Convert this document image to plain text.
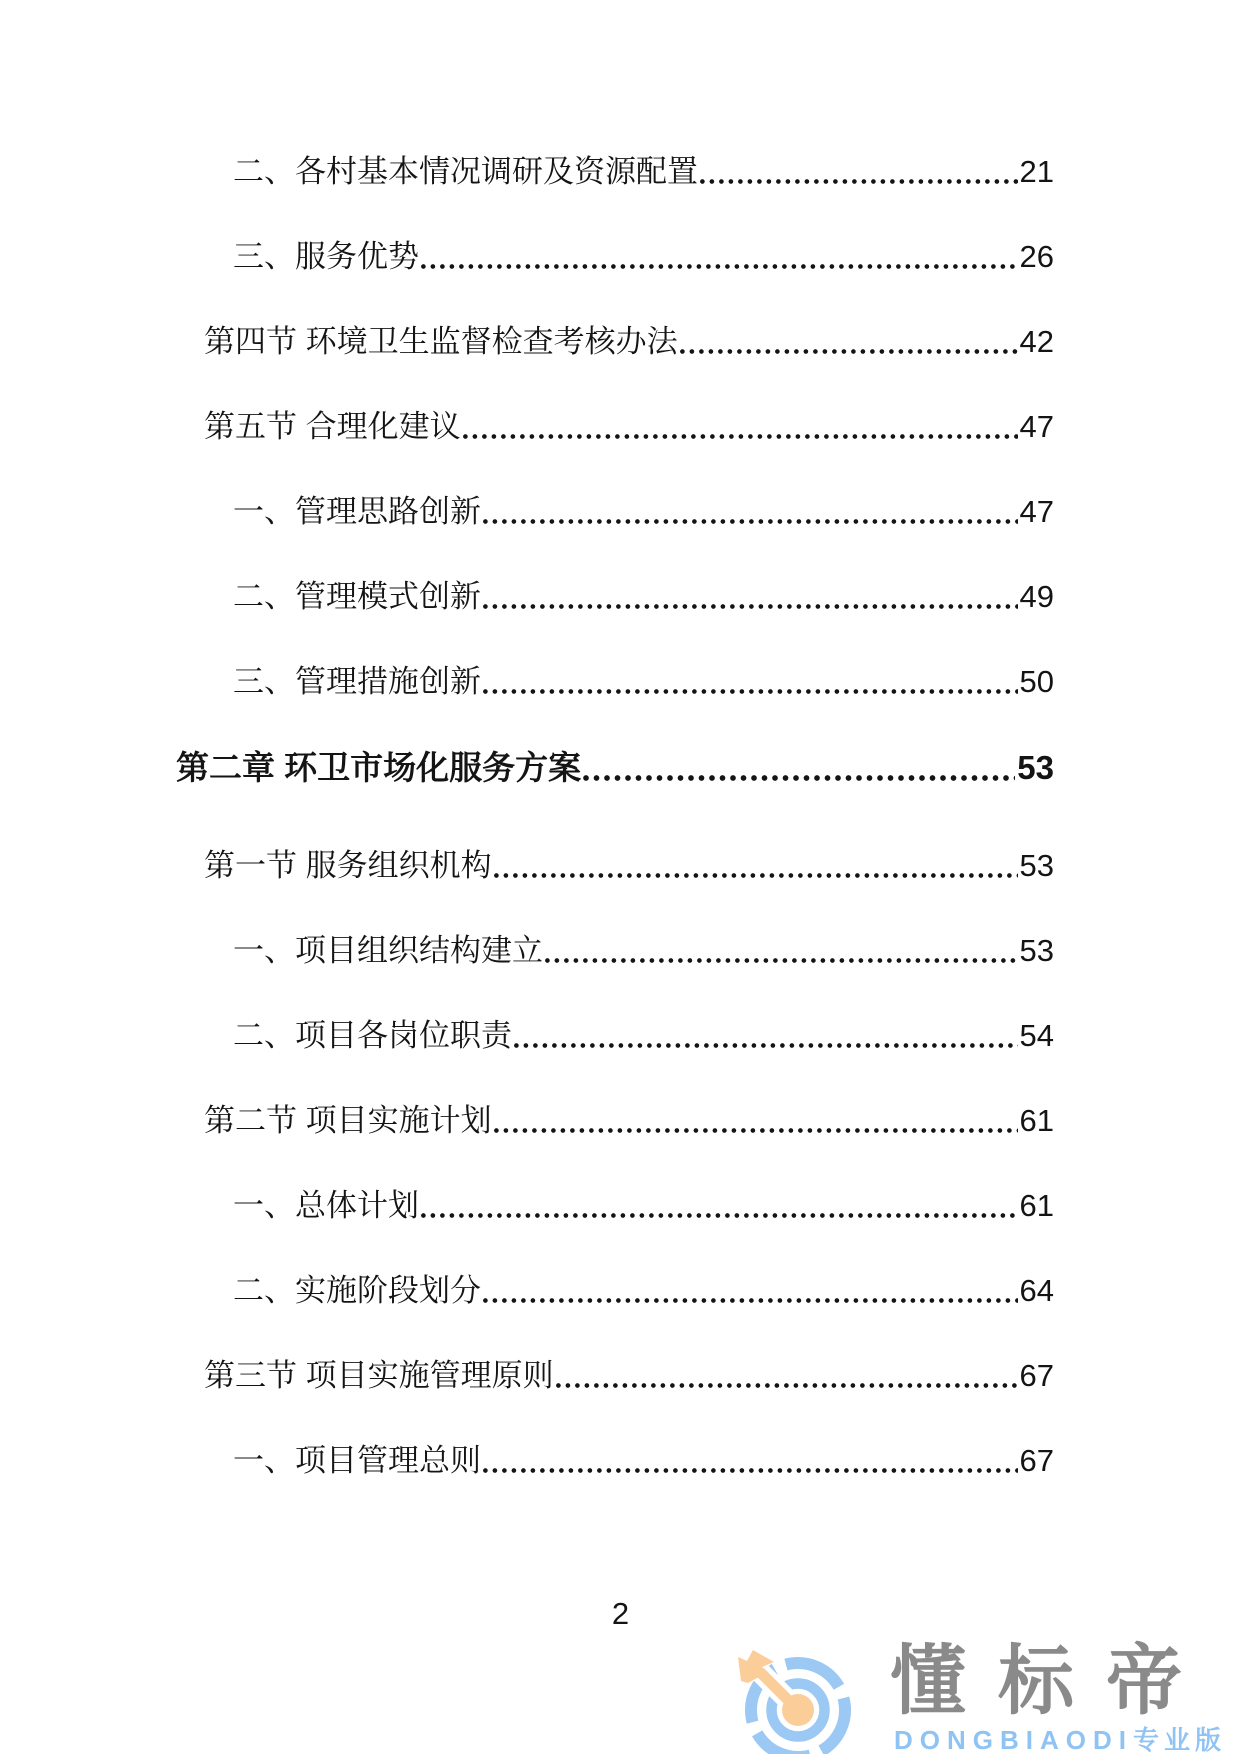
二、各村基本情况调研及资源配置	21
三、服务优势	26
第四节 环境卫生监督检查考核办法	42
第五节 合理化建议	47
一、管理思路创新	47
二、管理模式创新	49
三、管理措施创新	50
第二章 环卫市场化服务方案	53
第一节 服务组织机构	53
一、项目组织结构建立	53
二、项目各岗位职责	54
第二节 项目实施计划	61
一、总体计划	61
二、实施阶段划分	64
第三节 项目实施管理原则	67
一、项目管理总则	67
2
懂标帝
DONGBIAODI专业版
